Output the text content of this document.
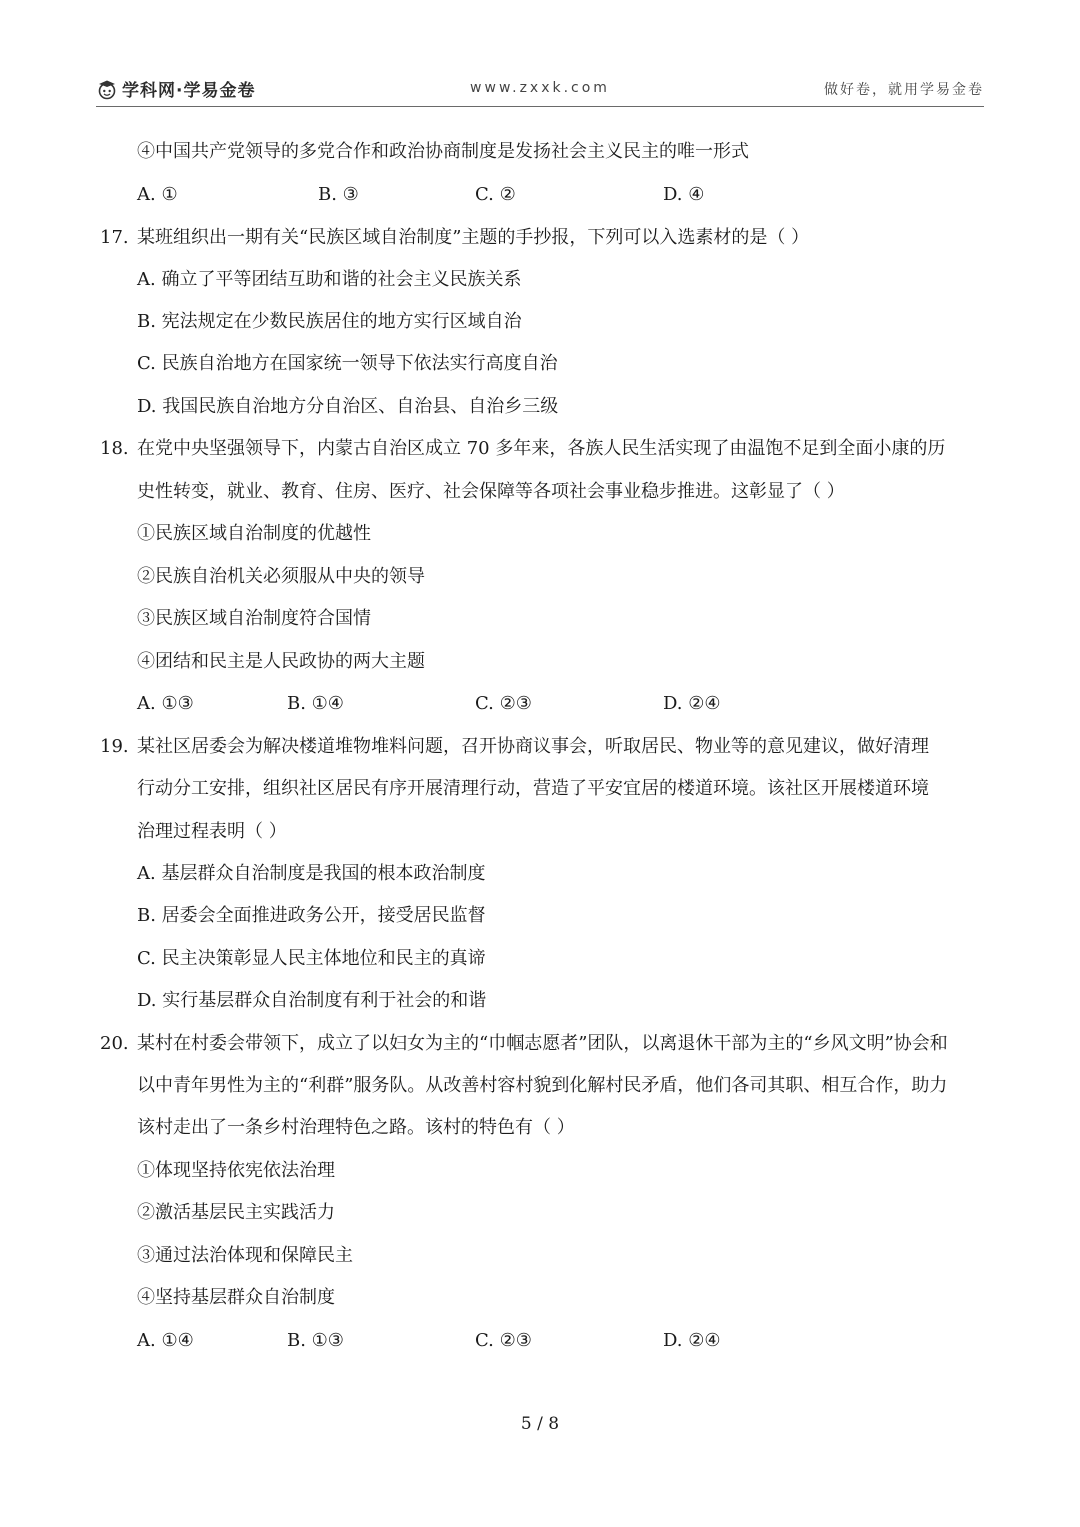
学科网·学易金卷	www.zxxk.com	做好卷，就用学易金卷
④中国共产党领导的多党合作和政治协商制度是发扬社会主义民主的唯一形式
A. ①	B. ③	C. ②	D. ④
17. 某班组织出一期有关“民族区域自治制度”主题的手抄报，下列可以入选素材的是（ ）
A. 确立了平等团结互助和谐的社会主义民族关系
B. 宪法规定在少数民族居住的地方实行区域自治
C. 民族自治地方在国家统一领导下依法实行高度自治
D. 我国民族自治地方分自治区、自治县、自治乡三级
18. 在党中央坚强领导下，内蒙古自治区成立 70 多年来，各族人民生活实现了由温饱不足到全面小康的历
史性转变，就业、教育、住房、医疗、社会保障等各项社会事业稳步推进。这彰显了（ ）
①民族区域自治制度的优越性
②民族自治机关必须服从中央的领导
③民族区域自治制度符合国情
④团结和民主是人民政协的两大主题
A. ①③	B. ①④	C. ②③	D. ②④
19. 某社区居委会为解决楼道堆物堆料问题，召开协商议事会，听取居民、物业等的意见建议，做好清理
行动分工安排，组织社区居民有序开展清理行动，营造了平安宜居的楼道环境。该社区开展楼道环境
治理过程表明（ ）
A. 基层群众自治制度是我国的根本政治制度
B. 居委会全面推进政务公开，接受居民监督
C. 民主决策彰显人民主体地位和民主的真谛
D. 实行基层群众自治制度有利于社会的和谐
20. 某村在村委会带领下，成立了以妇女为主的“巾帼志愿者”团队，以离退休干部为主的“乡风文明”协会和
以中青年男性为主的“利群”服务队。从改善村容村貌到化解村民矛盾，他们各司其职、相互合作，助力
该村走出了一条乡村治理特色之路。该村的特色有（ ）
①体现坚持依宪依法治理
②激活基层民主实践活力
③通过法治体现和保障民主
④坚持基层群众自治制度
A. ①④	B. ①③	C. ②③	D. ②④
5 / 8
